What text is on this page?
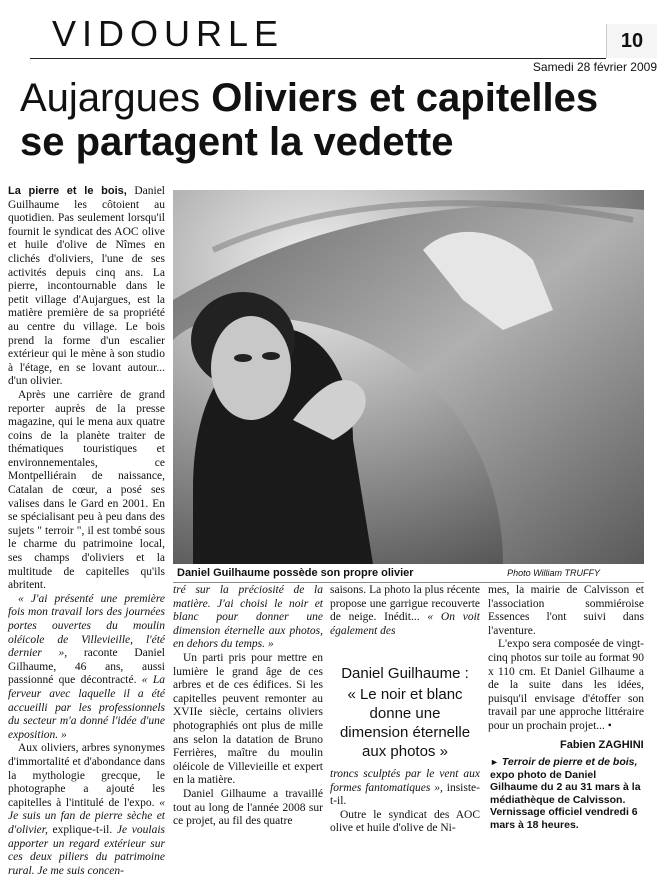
VIDOURLE	10
Samedi 28 février 2009
Aujargues Oliviers et capitelles
se partagent la vedette
Daniel Guilhaume possède son propre olivier	Photo William TRUFFY

La pierre et le bois, Daniel Guilhaume les côtoient au quotidien. Pas seulement lorsqu'il fournit le syndicat des AOC olive et huile d'olive de Nîmes en clichés d'oliviers, l'une de ses activités depuis cinq ans. La pierre, incontournable dans le petit village d'Aujargues, est la matière première de sa propriété au centre du village. Le bois prend la forme d'un escalier extérieur qui le mène à son studio à l'étage, en se lovant autour... d'un olivier.

Après une carrière de grand reporter auprès de la presse magazine, qui le mena aux quatre coins de la planète traiter de thématiques touristiques et environnementales, ce Montpelliérain de naissance, Catalan de cœur, a posé ses valises dans le Gard en 2001. En se spécialisant peu à peu dans des sujets " terroir ", il est tombé sous le charme du patrimoine local, ses champs d'oliviers et la multitude de capitelles qu'ils abritent.

« J'ai présenté une première fois mon travail lors des journées portes ouvertes du moulin oléicole de Villevieille, l'été dernier », raconte Daniel Gilhaume, 46 ans, aussi passionné que décontracté. « La ferveur avec laquelle il a été accueilli par les professionnels du secteur m'a donné l'idée d'une exposition. »

Aux oliviers, arbres synonymes d'immortalité et d'abondance dans la mythologie grecque, le photographe a ajouté les capitelles à l'intitulé de l'expo. « Je suis un fan de pierre sèche et d'olivier, explique-t-il. Je voulais apporter un regard extérieur sur ces deux piliers du patrimoine rural. Je me suis concen-

tré sur la préciosité de la matière. J'ai choisi le noir et blanc pour donner une dimension éternelle aux photos, en dehors du temps. »

Un parti pris pour mettre en lumière le grand âge de ces arbres et de ces édifices. Si les capitelles peuvent remonter au XVIIe siècle, certains oliviers photographiés ont plus de mille ans selon la datation de Bruno Ferrières, maître du moulin oléicole de Villevieille et expert en la matière.

Daniel Gilhaume a travaillé tout au long de l'année 2008 sur ce projet, au fil des quatre

saisons. La photo la plus récente propose une garrigue recouverte de neige. Inédit... « On voit également des

Daniel Guilhaume :
« Le noir et blanc donne une dimension éternelle aux photos »

troncs sculptés par le vent aux formes fantomatiques », insiste-t-il.

Outre le syndicat des AOC olive et huile d'olive de Ni-

mes, la mairie de Calvisson et l'association sommiéroise Essences l'ont suivi dans l'aventure.

L'expo sera composée de vingt-cinq photos sur toile au format 90 x 110 cm. Et Daniel Gilhaume a de la suite dans les idées, puisqu'il envisage d'étoffer son travail par une approche littéraire pour un prochain projet... •

Fabien ZAGHINI
► Terroir de pierre et de bois, expo photo de Daniel Gilhaume du 2 au 31 mars à la médiathèque de Calvisson. Vernissage officiel vendredi 6 mars à 18 heures.
